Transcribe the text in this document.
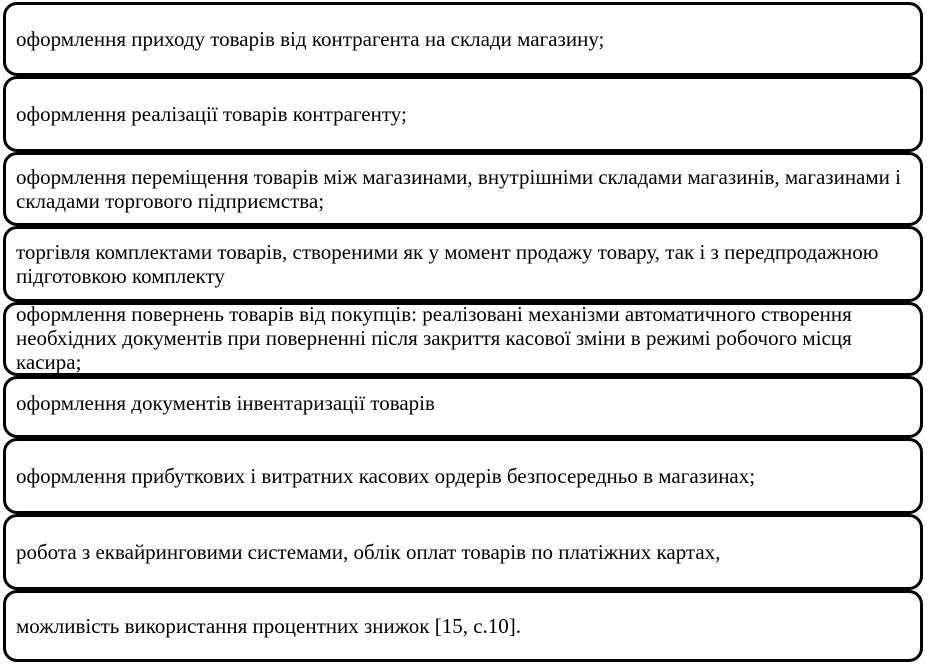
оформлення приходу товарів від контрагента на склади магазину;
оформлення реалізації товарів контрагенту;
оформлення переміщення товарів між магазинами, внутрішніми складами магазинів, магазинами і складами торгового підприємства;
торгівля комплектами товарів, створеними як у момент продажу товару, так і з передпродажною підготовкою комплекту
оформлення повернень товарів від покупців: реалізовані механізми автоматичного створення необхідних документів при поверненні після закриття касової зміни в режимі робочого місця касира;
оформлення документів інвентаризації товарів
оформлення прибуткових і витратних касових ордерів безпосередньо в магазинах;
робота з еквайринговими системами, облік оплат товарів по платіжних картах,
можливість використання процентних знижок [15, с.10].
